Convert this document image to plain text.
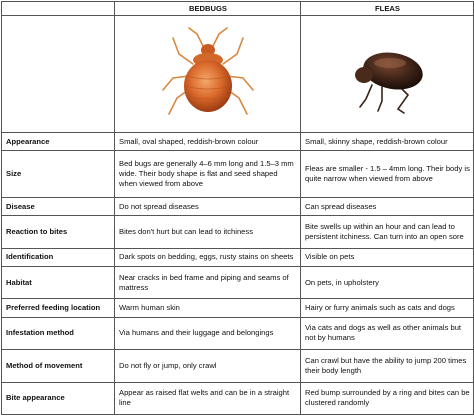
	BEDBUGS	FLEAS

Appearance	Small, oval shaped, reddish-brown colour	Small, skinny shape, reddish-brown colour
Size	Bed bugs are generally 4–6 mm long and 1.5–3 mm wide. Their body shape is flat and seed shaped when viewed from above	Fleas are smaller - 1.5 – 4mm long. Their body is quite narrow when viewed from above
Disease	Do not spread diseases	Can spread diseases
Reaction to bites	Bites don't hurt but can lead to itchiness	Bite swells up within an hour and can lead to persistent itchiness. Can turn into an open sore
Identification	Dark spots on bedding, eggs, rusty stains on sheets	Visible on pets
Habitat	Near cracks in bed frame and piping and seams of mattress	On pets, in upholstery
Preferred feeding location	Warm human skin	Hairy or furry animals such as cats and dogs
Infestation method	Via humans and their luggage and belongings	Via cats and dogs as well as other animals but not by humans
Method of movement	Do not fly or jump, only crawl	Can crawl but have the ability to jump 200 times their body length
Bite appearance	Appear as raised flat welts and can be in a straight line	Red bump surrounded by a ring and bites can be clustered randomly
